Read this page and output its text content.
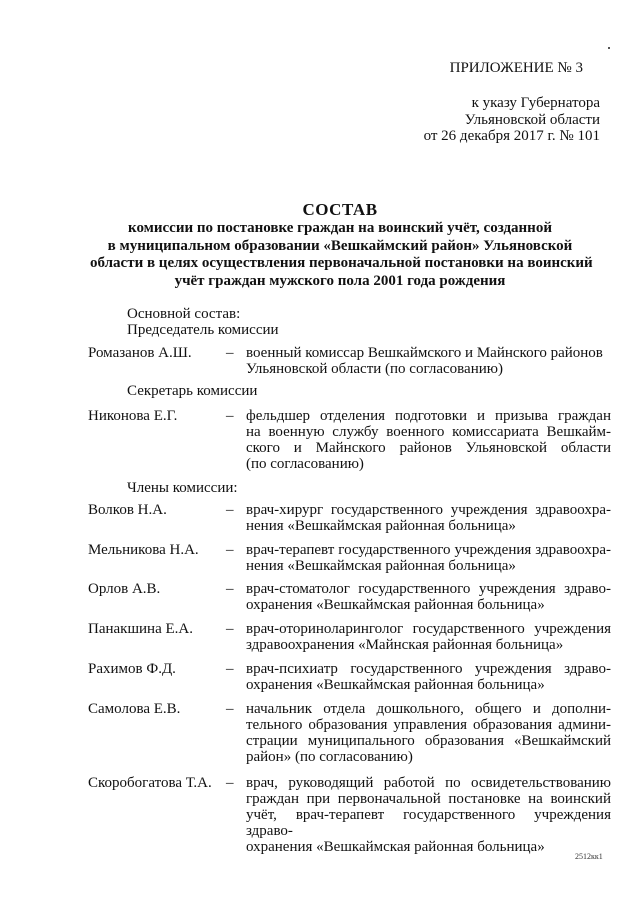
ПРИЛОЖЕНИЕ № 3
к указу Губернатора
Ульяновской области
от 26 декабря 2017 г. № 101
СОСТАВ
комиссии по постановке граждан на воинский учёт, созданной
в муниципальном образовании «Вешкаймский район» Ульяновской
области в целях осуществления первоначальной постановки на воинский
учёт граждан мужского пола 2001 года рождения
Основной состав:
Председатель комиссии
Ромазанов А.Ш. – военный комиссар Вешкаймского и Майнского районов
Ульяновской области (по согласованию)
Секретарь комиссии
Никонова Е.Г.	– фельдшер отделения подготовки и призыва граждан
на военную службу военного комиссариата Вешкайм-
ского и Майнского районов Ульяновской области
(по согласованию)
Члены комиссии:
Волков Н.А.	– врач-хирург государственного учреждения здравоохра-
нения «Вешкаймская районная больница»
Мельникова Н.А. – врач-терапевт государственного учреждения здравоохра-
нения «Вешкаймская районная больница»
Орлов А.В.	– врач-стоматолог государственного учреждения здраво-
охранения «Вешкаймская районная больница»
Панакшина Е.А. – врач-оториноларинголог государственного учреждения
здравоохранения «Майнская районная больница»
Рахимов Ф.Д.	– врач-психиатр государственного учреждения здраво-
охранения «Вешкаймская районная больница»
Самолова Е.В.	– начальник отдела дошкольного, общего и дополни-
тельного образования управления образования админи-
страции муниципального образования «Вешкаймский
район» (по согласованию)
Скоробогатова Т.А. – врач, руководящий работой по освидетельствованию
граждан при первоначальной постановке на воинский
учёт, врач-терапевт государственного учреждения здраво-
охранения «Вешкаймская районная больница»
2512кк1
